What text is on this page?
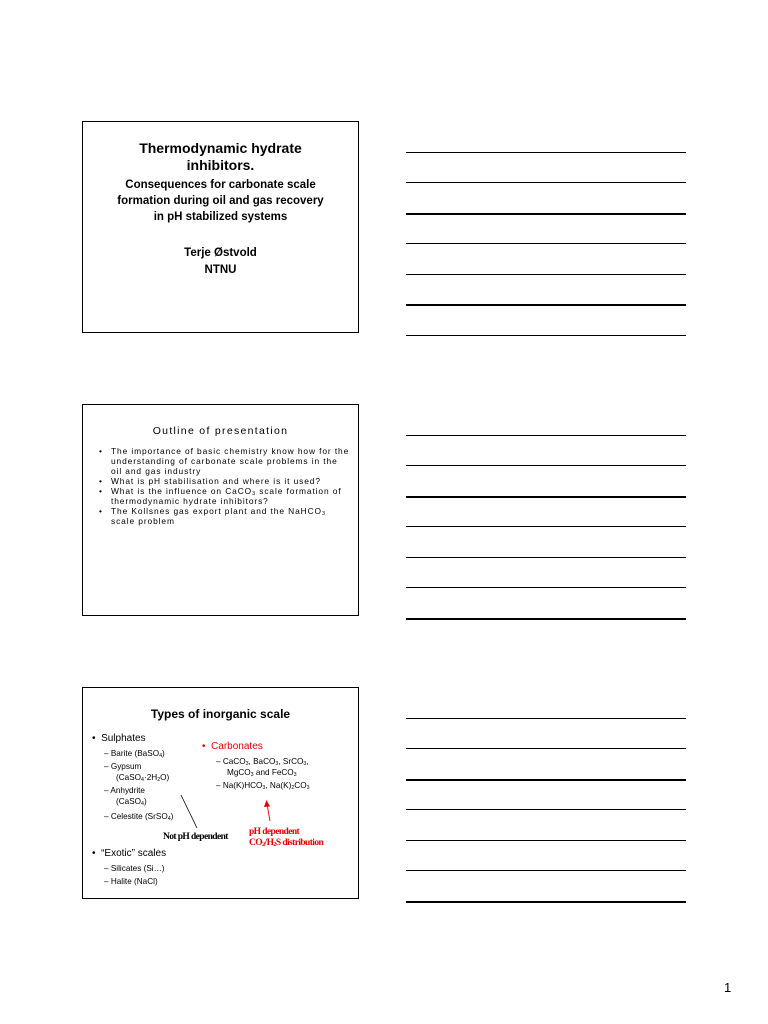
Thermodynamic hydrate
inhibitors.
Consequences for carbonate scale
formation during oil and gas recovery
in pH stabilized systems
Terje Østvold
NTNU
Outline of presentation
• The importance of basic chemistry know how for the understanding of carbonate scale problems in the oil and gas industry
• What is pH stabilisation and where is it used?
• What is the influence on CaCO$_3$ scale formation of thermodynamic hydrate inhibitors?
• The Kollsnes gas export plant and the NaHCO$_3$ scale problem
Types of inorganic scale
•  Sulphates
– Barite (BaSO$_4$)
– Gypsum
$(CaSO_4\cdot 2H_2O)$
– Anhydrite
(CaSO$_4$)
– Celestite (SrSO$_4$)
•  Carbonates
– CaCO$_3$, BaCO$_3$, SrCO$_3$,
MgCO$_3$ and FeCO$_3$
– $Na(K)HCO_3$, $Na(K)_2CO_3$
Not pH dependent pH dependent
$CO_2/H_2S$ distribution
•  “Exotic” scales
– Silicates (Si…)
– Halite (NaCl)
1
